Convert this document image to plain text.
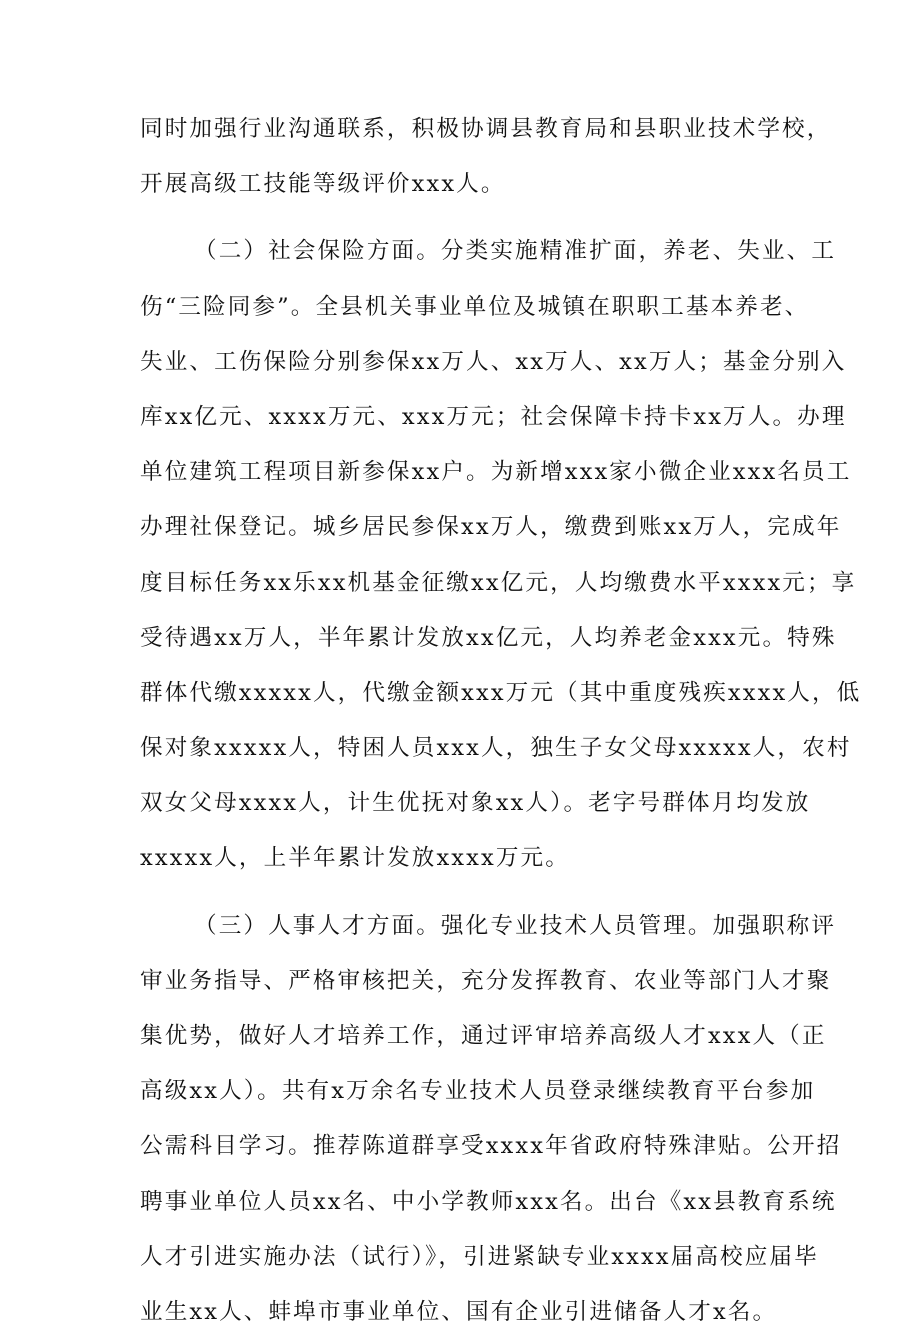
同时加强行业沟通联系，积极协调县教育局和县职业技术学校，
开展高级工技能等级评价xxx人。
（二）社会保险方面。分类实施精准扩面，养老、失业、工
伤“三险同参”。全县机关事业单位及城镇在职职工基本养老、
失业、工伤保险分别参保xx万人、xx万人、xx万人；基金分别入
库xx亿元、xxxx万元、xxx万元；社会保障卡持卡xx万人。办理
单位建筑工程项目新参保xx户。为新增xxx家小微企业xxx名员工
办理社保登记。城乡居民参保xx万人，缴费到账xx万人，完成年
度目标任务xx乐xx机基金征缴xx亿元，人均缴费水平xxxx元；享
受待遇xx万人，半年累计发放xx亿元，人均养老金xxx元。特殊
群体代缴xxxxx人，代缴金额xxx万元（其中重度残疾xxxx人，低
保对象xxxxx人，特困人员xxx人，独生子女父母xxxxx人，农村
双女父母xxxx人，计生优抚对象xx人）。老字号群体月均发放
xxxxx人，上半年累计发放xxxx万元。
（三）人事人才方面。强化专业技术人员管理。加强职称评
审业务指导、严格审核把关，充分发挥教育、农业等部门人才聚
集优势，做好人才培养工作，通过评审培养高级人才xxx人（正
高级xx人）。共有x万余名专业技术人员登录继续教育平台参加
公需科目学习。推荐陈道群享受xxxx年省政府特殊津贴。公开招
聘事业单位人员xx名、中小学教师xxx名。出台《xx县教育系统
人才引进实施办法（试行）》，引进紧缺专业xxxx届高校应届毕
业生xx人、蚌埠市事业单位、国有企业引进储备人才x名。
